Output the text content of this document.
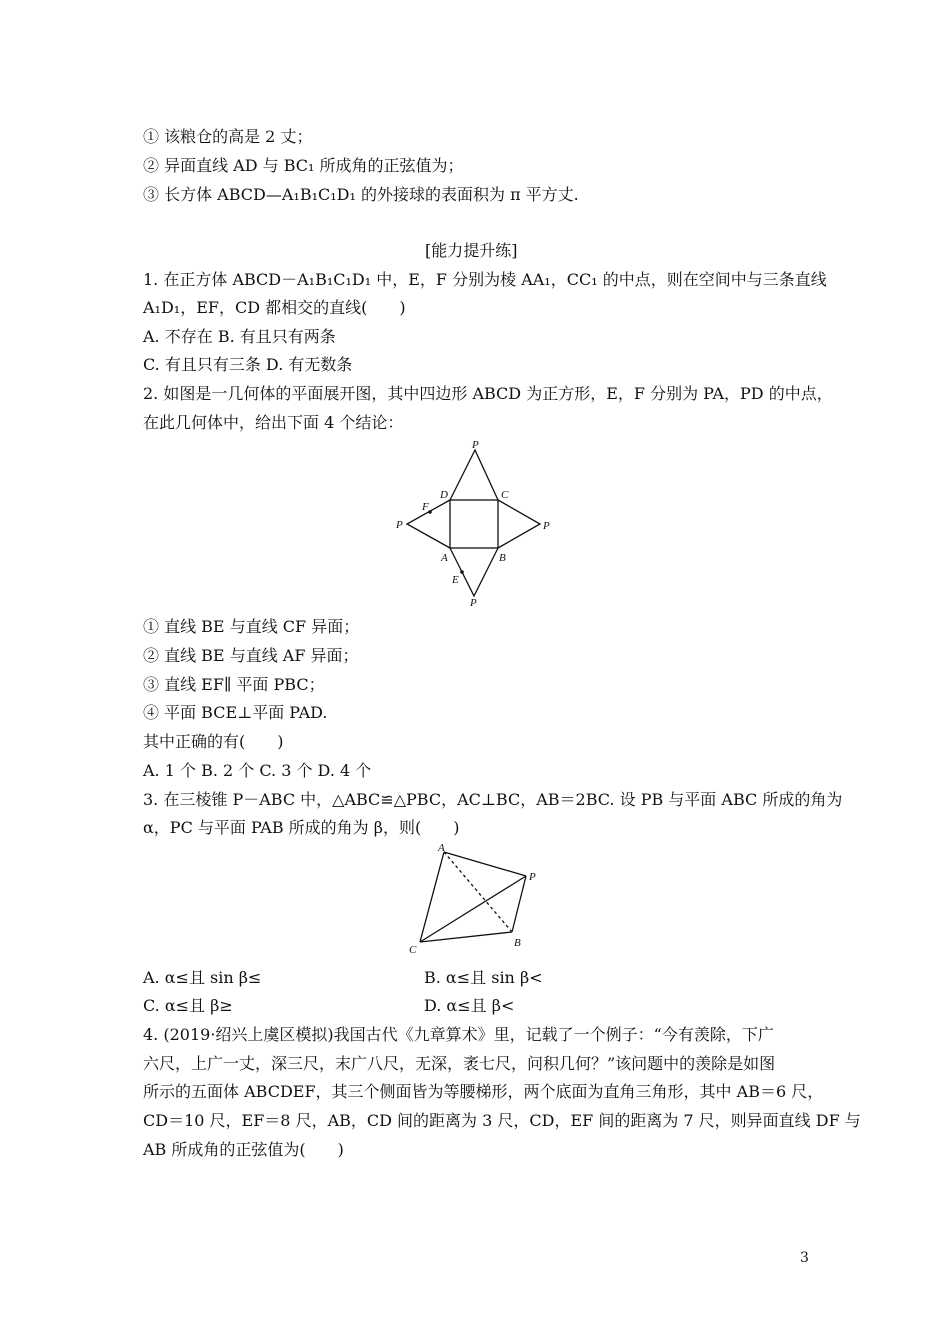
① 该粮仓的高是 2 丈；
② 异面直线 AD 与 BC₁ 所成角的正弦值为；
③ 长方体 ABCD—A₁B₁C₁D₁ 的外接球的表面积为 π 平方丈.
[能力提升练]
1. 在正方体 ABCD－A₁B₁C₁D₁ 中，E，F 分别为棱 AA₁，CC₁ 的中点，则在空间中与三条直线
A₁D₁，EF，CD 都相交的直线(　　)
A. 不存在 B. 有且只有两条
C. 有且只有三条 D. 有无数条
2. 如图是一几何体的平面展开图，其中四边形 ABCD 为正方形，E，F 分别为 PA，PD 的中点，
在此几何体中，给出下面 4 个结论：
P
P	P
P
D	C
A	B
F
E
① 直线 BE 与直线 CF 异面；
② 直线 BE 与直线 AF 异面；
③ 直线 EF∥ 平面 PBC；
④ 平面 BCE⊥平面 PAD.
其中正确的有(　　)
A. 1 个 B. 2 个 C. 3 个 D. 4 个
3. 在三棱锥 P－ABC 中，△ABC≌△PBC，AC⊥BC，AB＝2BC. 设 PB 与平面 ABC 所成的角为
α，PC 与平面 PAB 所成的角为 β，则(　　)
A
P
B
C
A. α≤且 sin β≤	B. α≤且 sin β<
C. α≤且 β≥	D. α≤且 β<
4. (2019·绍兴上虞区模拟)我国古代《九章算术》里，记载了一个例子：“今有羡除，下广
六尺，上广一丈，深三尺，末广八尺，无深，袤七尺，问积几何？”该问题中的羡除是如图
所示的五面体 ABCDEF，其三个侧面皆为等腰梯形，两个底面为直角三角形，其中 AB＝6 尺，
CD＝10 尺，EF＝8 尺，AB，CD 间的距离为 3 尺，CD，EF 间的距离为 7 尺，则异面直线 DF 与
AB 所成角的正弦值为(　　)
3
